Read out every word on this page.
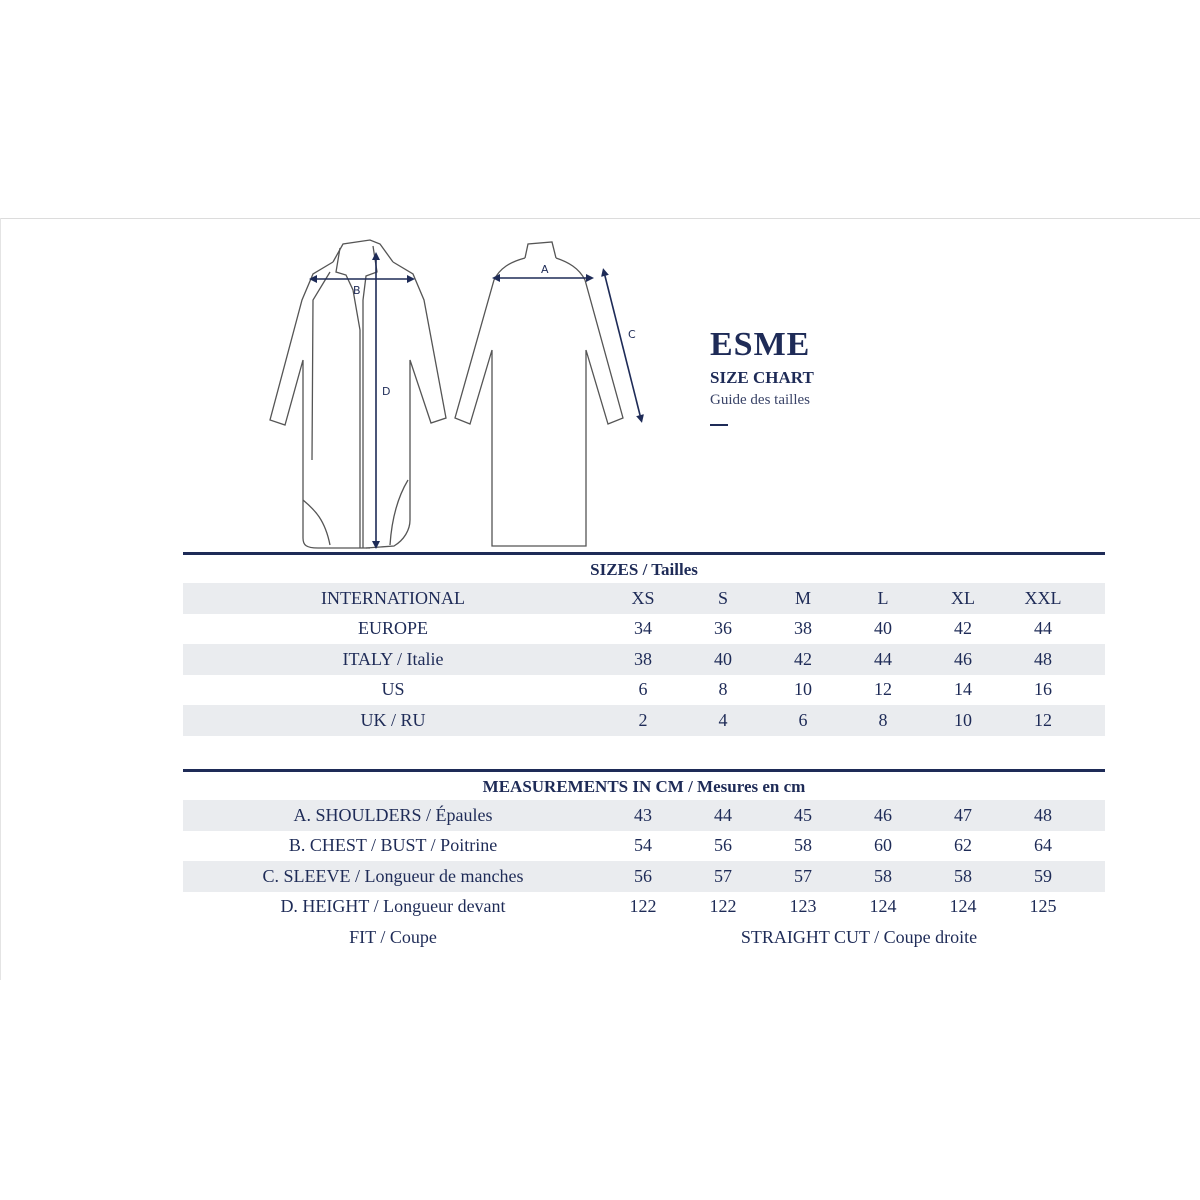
B
D
A
C ESME
SIZE CHART
Guide des tailles
SIZES / Tailles
INTERNATIONAL	XS	S	M	L	XL	XXL
EUROPE	34	36	38	40	42	44
ITALY / Italie	38	40	42	44	46	48
US	6	8	10	12	14	16
UK / RU	2	4	6	8	10	12
MEASUREMENTS IN CM / Mesures en cm
A. SHOULDERS / Épaules	43	44	45	46	47	48
B. CHEST / BUST / Poitrine	54	56	58	60	62	64
C. SLEEVE / Longueur de manches	56	57	57	58	58	59
D. HEIGHT / Longueur devant	122	122	123	124	124	125
FIT / Coupe	STRAIGHT CUT / Coupe droite
